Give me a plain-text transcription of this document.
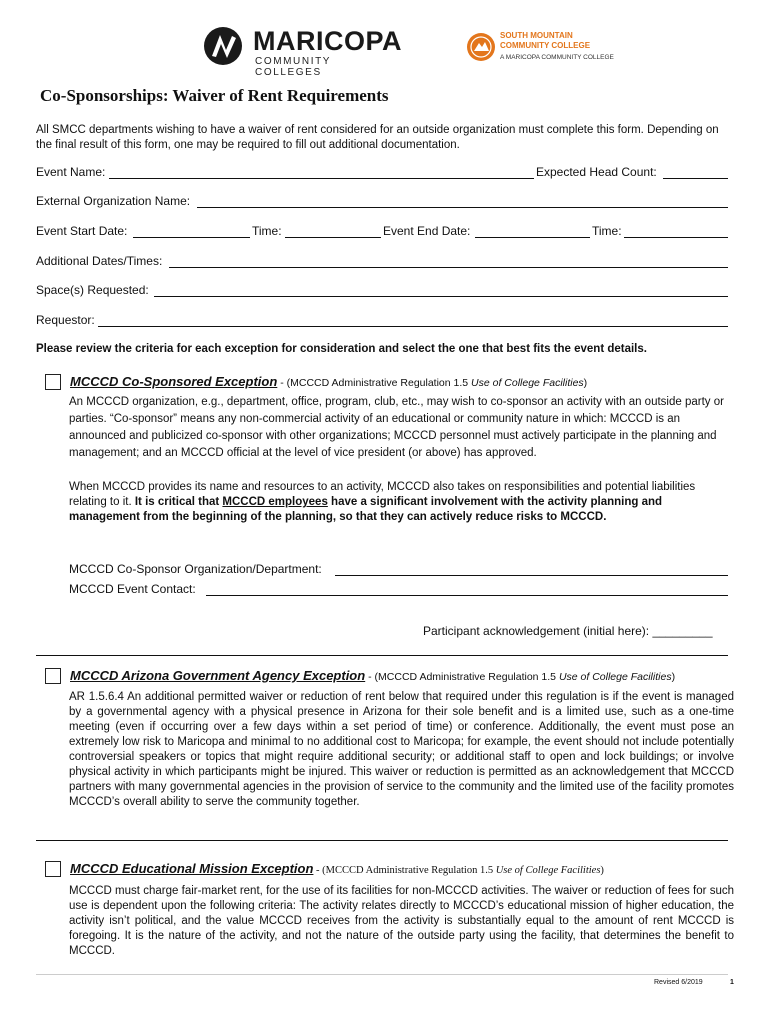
MARICOPA
COMMUNITY COLLEGES
SOUTH MOUNTAIN
COMMUNITY COLLEGE
A MARICOPA COMMUNITY COLLEGE
Co-Sponsorships: Waiver of Rent Requirements
All SMCC departments wishing to have a waiver of rent considered for an outside organization must complete this form. Depending on the final result of this form, one may be required to fill out additional documentation.
Event Name:	Expected Head Count:
External Organization Name:
Event Start Date:	Time:	Event End Date:	Time:
Additional Dates/Times:
Space(s) Requested:
Requestor:
Please review the criteria for each exception for consideration and select the one that best fits the event details.
MCCCD Co-Sponsored Exception - (MCCCD Administrative Regulation 1.5 Use of College Facilities)
An MCCCD organization, e.g., department, office, program, club, etc., may wish to co-sponsor an activity with an outside party or parties. “Co-sponsor” means any non-commercial activity of an educational or community nature in which: MCCCD is an announced and publicized co-sponsor with other organizations; MCCCD personnel must actively participate in the planning and management; and an MCCCD official at the level of vice president (or above) has approved.
When MCCCD provides its name and resources to an activity, MCCCD also takes on responsibilities and potential liabilities relating to it. It is critical that MCCCD employees have a significant involvement with the activity planning and management from the beginning of the planning, so that they can actively reduce risks to MCCCD.
MCCCD Co-Sponsor Organization/Department:
MCCCD Event Contact:
Participant acknowledgement (initial here): _________
MCCCD Arizona Government Agency Exception - (MCCCD Administrative Regulation 1.5 Use of College Facilities)
AR 1.5.6.4 An additional permitted waiver or reduction of rent below that required under this regulation is if the event is managed by a governmental agency with a physical presence in Arizona for their sole benefit and is a limited use, such as a one-time meeting (even if occurring over a few days within a set period of time) or conference. Additionally, the event must pose an extremely low risk to Maricopa and minimal to no additional cost to Maricopa; for example, the event should not include potentially controversial speakers or topics that might require additional security; or additional staff to open and lock buildings; or involve physical activity in which participants might be injured. This waiver or reduction is permitted as an acknowledgement that MCCCD partners with many governmental agencies in the provision of service to the community and the limited use of the facility promotes MCCCD’s overall ability to serve the community together.
MCCCD Educational Mission Exception - (MCCCD Administrative Regulation 1.5 Use of College Facilities)
MCCCD must charge fair-market rent, for the use of its facilities for non-MCCCD activities. The waiver or reduction of fees for such use is dependent upon the following criteria: The activity relates directly to MCCCD’s educational mission of higher education, the activity isn’t political, and the value MCCCD receives from the activity is substantially equal to the amount of rent MCCCD is foregoing. It is the nature of the activity, and not the nature of the outside party using the facility, that determines the benefit to MCCCD.
Revised 6/2019	1
